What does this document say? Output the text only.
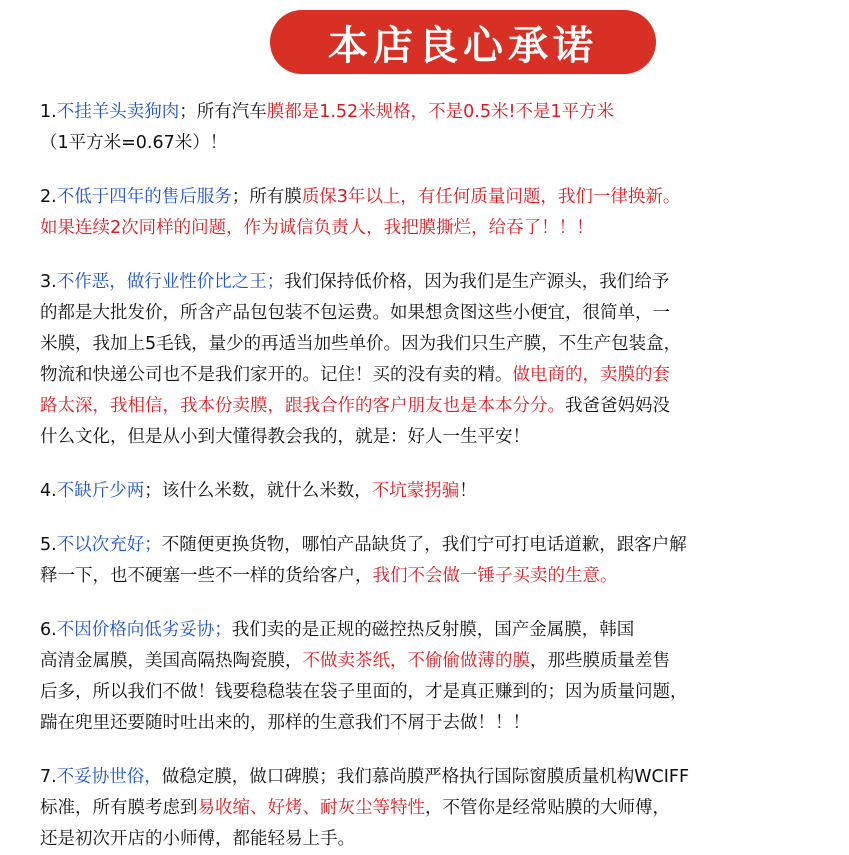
本店良心承诺

1.不挂羊头卖狗肉；所有汽车膜都是1.52米规格，不是0.5米!不是1平方米
（1平方米=0.67米）！

2.不低于四年的售后服务；所有膜质保3年以上，有任何质量问题，我们一律换新。
如果连续2次同样的问题，作为诚信负责人，我把膜撕烂，给吞了！！！

3.不作恶，做行业性价比之王；我们保持低价格，因为我们是生产源头，我们给予
的都是大批发价，所含产品包包装不包运费。如果想贪图这些小便宜，很简单，一
米膜，我加上5毛钱，量少的再适当加些单价。因为我们只生产膜，不生产包装盒，
物流和快递公司也不是我们家开的。记住！买的没有卖的精。做电商的，卖膜的套
路太深，我相信，我本份卖膜，跟我合作的客户朋友也是本本分分。我爸爸妈妈没
什么文化，但是从小到大懂得教会我的，就是：好人一生平安！

4.不缺斤少两；该什么米数，就什么米数，不坑蒙拐骗！

5.不以次充好；不随便更换货物，哪怕产品缺货了，我们宁可打电话道歉，跟客户解
释一下，也不硬塞一些不一样的货给客户，我们不会做一锤子买卖的生意。

6.不因价格向低劣妥协；我们卖的是正规的磁控热反射膜，国产金属膜，韩国
高清金属膜，美国高隔热陶瓷膜，不做卖茶纸，不偷偷做薄的膜，那些膜质量差售
后多，所以我们不做！钱要稳稳装在袋子里面的，才是真正赚到的；因为质量问题，
踹在兜里还要随时吐出来的，那样的生意我们不屑于去做！！！

7.不妥协世俗，做稳定膜，做口碑膜；我们慕尚膜严格执行国际窗膜质量机构WCIFF
标准，所有膜考虑到易收缩、好烤、耐灰尘等特性，不管你是经常贴膜的大师傅，
还是初次开店的小师傅，都能轻易上手。
